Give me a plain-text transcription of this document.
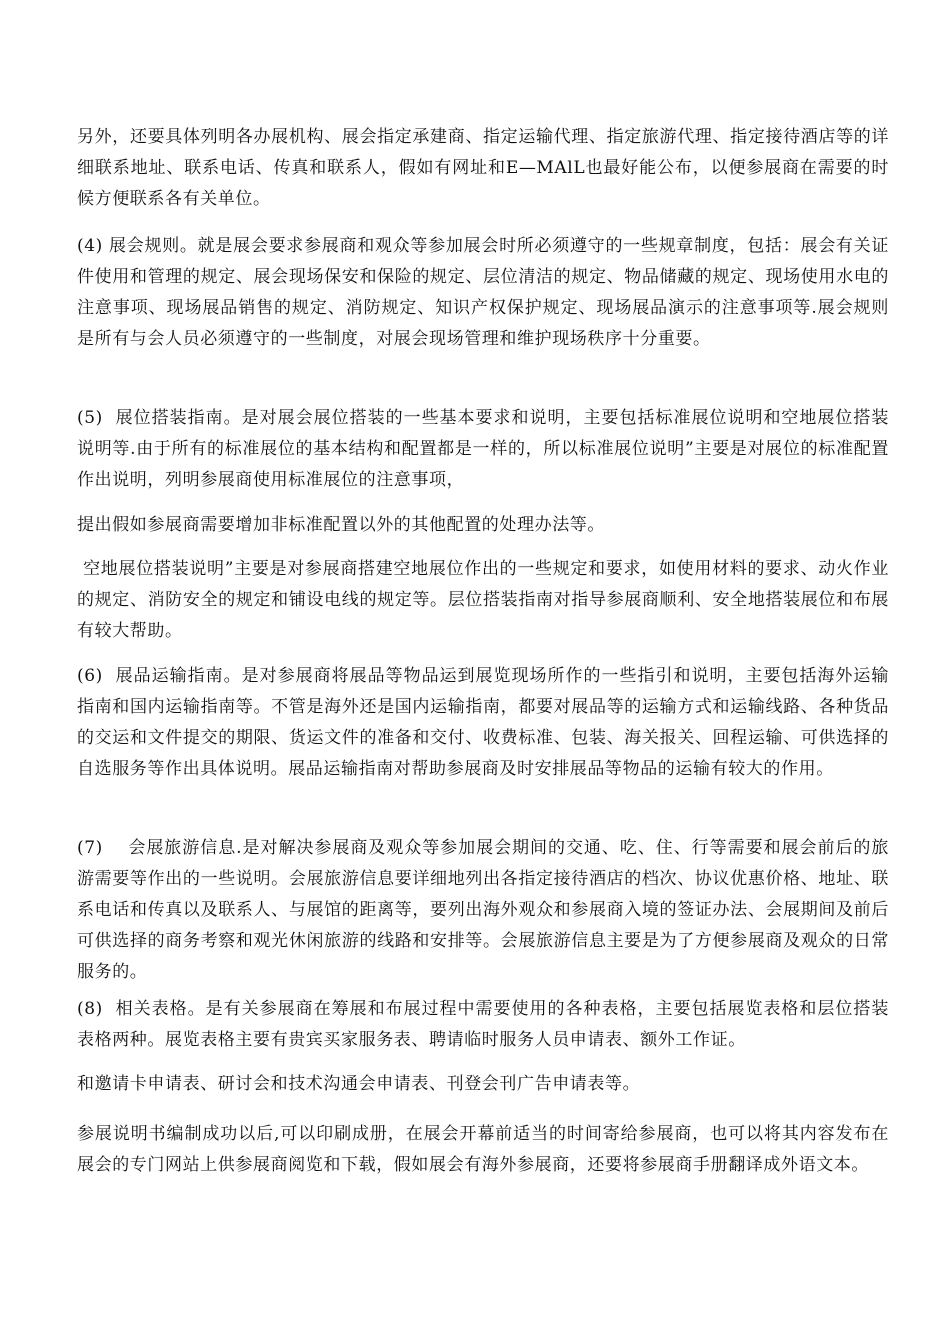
另外，还要具体列明各办展机构、展会指定承建商、指定运输代理、指定旅游代理、指定接待酒店等的详细联系地址、联系电话、传真和联系人，假如有网址和E—MAlL也最好能公布，以便参展商在需要的时候方便联系各有关单位。

(4) 展会规则。就是展会要求参展商和观众等参加展会时所必须遵守的一些规章制度，包括：展会有关证件使用和管理的规定、展会现场保安和保险的规定、层位清洁的规定、物品储藏的规定、现场使用水电的注意事项、现场展品销售的规定、消防规定、知识产权保护规定、现场展品演示的注意事项等.展会规则是所有与会人员必须遵守的一些制度，对展会现场管理和维护现场秩序十分重要。

(5)  展位搭装指南。是对展会展位搭装的一些基本要求和说明，主要包括标准展位说明和空地展位搭装说明等.由于所有的标准展位的基本结构和配置都是一样的，所以标准展位说明”主要是对展位的标准配置作出说明，列明参展商使用标准展位的注意事项，

提出假如参展商需要增加非标准配置以外的其他配置的处理办法等。

空地展位搭装说明”主要是对参展商搭建空地展位作出的一些规定和要求，如使用材料的要求、动火作业的规定、消防安全的规定和铺设电线的规定等。层位搭装指南对指导参展商顺利、安全地搭装展位和布展有较大帮助。

(6)  展品运输指南。是对参展商将展品等物品运到展览现场所作的一些指引和说明，主要包括海外运输指南和国内运输指南等。不管是海外还是国内运输指南，都要对展品等的运输方式和运输线路、各种货品的交运和文件提交的期限、货运文件的准备和交付、收费标准、包装、海关报关、回程运输、可供选择的自选服务等作出具体说明。展品运输指南对帮助参展商及时安排展品等物品的运输有较大的作用。

(7)    会展旅游信息.是对解决参展商及观众等参加展会期间的交通、吃、住、行等需要和展会前后的旅游需要等作出的一些说明。会展旅游信息要详细地列出各指定接待酒店的档次、协议优惠价格、地址、联系电话和传真以及联系人、与展馆的距离等，要列出海外观众和参展商入境的签证办法、会展期间及前后可供选择的商务考察和观光休闲旅游的线路和安排等。会展旅游信息主要是为了方便参展商及观众的日常服务的。

(8)  相关表格。是有关参展商在筹展和布展过程中需要使用的各种表格，主要包括展览表格和层位搭装表格两种。展览表格主要有贵宾买家服务表、聘请临时服务人员申请表、额外工作证。

和邀请卡申请表、研讨会和技术沟通会申请表、刊登会刊广告申请表等。

参展说明书编制成功以后,可以印刷成册，在展会开幕前适当的时间寄给参展商，也可以将其内容发布在展会的专门网站上供参展商阅览和下载，假如展会有海外参展商，还要将参展商手册翻译成外语文本。
